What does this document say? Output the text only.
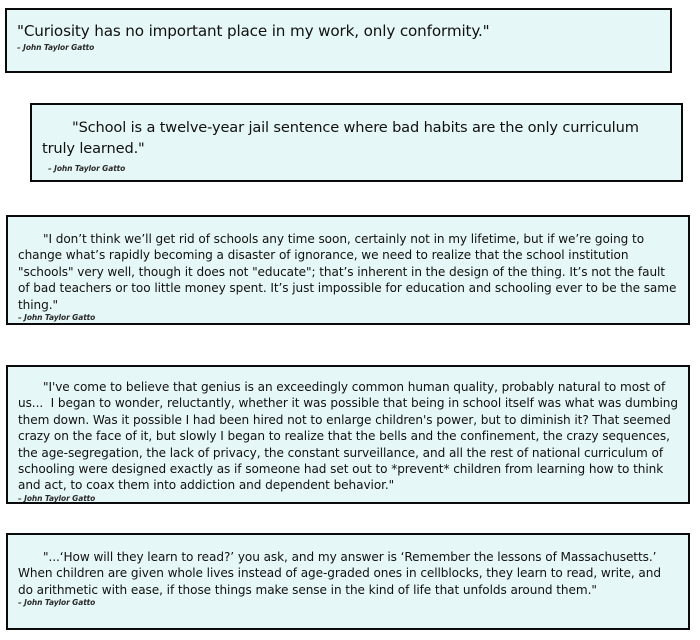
"Curiosity has no important place in my work, only conformity."
– John Taylor Gatto
"School is a twelve-year jail sentence where bad habits are the only curriculum truly learned."
– John Taylor Gatto
"I don’t think we’ll get rid of schools any time soon, certainly not in my lifetime, but if we’re going to change what’s rapidly becoming a disaster of ignorance, we need to realize that the school institution "schools" very well, though it does not "educate"; that’s inherent in the design of the thing. It’s not the fault of bad teachers or too little money spent. It’s just impossible for education and schooling ever to be the same thing."
– John Taylor Gatto
"I've come to believe that genius is an exceedingly common human quality, probably natural to most of us...  I began to wonder, reluctantly, whether it was possible that being in school itself was what was dumbing them down. Was it possible I had been hired not to enlarge children's power, but to diminish it? That seemed crazy on the face of it, but slowly I began to realize that the bells and the confinement, the crazy sequences, the age-segregation, the lack of privacy, the constant surveillance, and all the rest of national curriculum of schooling were designed exactly as if someone had set out to *prevent* children from learning how to think and act, to coax them into addiction and dependent behavior."
– John Taylor Gatto
"...‘How will they learn to read?’ you ask, and my answer is ‘Remember the lessons of Massachusetts.’ When children are given whole lives instead of age-graded ones in cellblocks, they learn to read, write, and do arithmetic with ease, if those things make sense in the kind of life that unfolds around them."
– John Taylor Gatto
